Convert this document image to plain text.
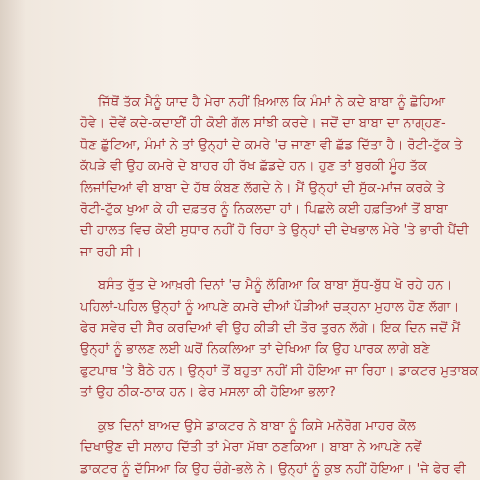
ਜਿੱਥੋਂ ਤੱਕ ਮੈਨੂੰ ਯਾਦ ਹੈ ਮੇਰਾ ਨਹੀਂ ਖ਼ਿਆਲ ਕਿ ਮੰਮਾਂ ਨੇ ਕਦੇ ਬਾਬਾ ਨੂੰ ਛੋਹਿਆ
ਹੋਵੇ। ਦੋਵੇਂ ਕਦੇ-ਕਦਾਈਂ ਹੀ ਕੋਈ ਗੱਲ ਸਾਂਝੀ ਕਰਦੇ। ਜਦੋਂ ਦਾ ਬਾਬਾ ਦਾ ਨਾਗ੍ਹਣ-
ਧੋਣ ਛੁੱਟਿਆ, ਮੰਮਾਂ ਨੇ ਤਾਂ ਉਨ੍ਹਾਂ ਦੇ ਕਮਰੇ 'ਚ ਜਾਣਾ ਵੀ ਛੱਡ ਦਿੱਤਾ ਹੈ। ਰੋਟੀ-ਟੁੱਕ ਤੇ
ਕੱਪੜੇ ਵੀ ਉਹ ਕਮਰੇ ਦੇ ਬਾਹਰ ਹੀ ਰੱਖ ਛੱਡਦੇ ਹਨ। ਹੁਣ ਤਾਂ ਬੁਰਕੀ ਮੂੰਹ ਤੱਕ
ਲਿਜਾਂਦਿਆਂ ਵੀ ਬਾਬਾ ਦੇ ਹੱਥ ਕੰਬਣ ਲੱਗਦੇ ਨੇ। ਮੈਂ ਉਨ੍ਹਾਂ ਦੀ ਸੁੱਕ-ਮਾਂਜ ਕਰਕੇ ਤੇ
ਰੋਟੀ-ਟੁੱਕ ਖੁਆ ਕੇ ਹੀ ਦਫ਼ਤਰ ਨੂੰ ਨਿਕਲਦਾ ਹਾਂ। ਪਿਛਲੇ ਕਈ ਹਫ਼ਤਿਆਂ ਤੋਂ ਬਾਬਾ
ਦੀ ਹਾਲਤ ਵਿਚ ਕੋਈ ਸੁਧਾਰ ਨਹੀਂ ਹੋ ਰਿਹਾ ਤੇ ਉਨ੍ਹਾਂ ਦੀ ਦੇਖਭਾਲ ਮੇਰੇ 'ਤੇ ਭਾਰੀ ਪੈਂਦੀ
ਜਾ ਰਹੀ ਸੀ।

ਬਸੰਤ ਰੁੱਤ ਦੇ ਆਖ਼ਰੀ ਦਿਨਾਂ 'ਚ ਮੈਨੂੰ ਲੱਗਿਆ ਕਿ ਬਾਬਾ ਸੁੱਧ-ਬੁੱਧ ਖੋ ਰਹੇ ਹਨ।
ਪਹਿਲਾਂ-ਪਹਿਲ ਉਨ੍ਹਾਂ ਨੂੰ ਆਪਣੇ ਕਮਰੇ ਦੀਆਂ ਪੌੜੀਆਂ ਚੜ੍ਹਨਾ ਮੁਹਾਲ ਹੋਣ ਲੱਗਾ।
ਫੇਰ ਸਵੇਰ ਦੀ ਸੈਰ ਕਰਦਿਆਂ ਵੀ ਉਹ ਕੀੜੀ ਦੀ ਤੋਰ ਤੁਰਨ ਲੱਗੇ। ਇਕ ਦਿਨ ਜਦੋਂ ਮੈਂ
ਉਨ੍ਹਾਂ ਨੂੰ ਭਾਲਣ ਲਈ ਘਰੋਂ ਨਿਕਲਿਆ ਤਾਂ ਦੇਖਿਆ ਕਿ ਉਹ ਪਾਰਕ ਲਾਗੇ ਬਣੇ
ਫੁਟਪਾਥ 'ਤੇ ਬੈਠੇ ਹਨ। ਉਨ੍ਹਾਂ ਤੋਂ ਬਹੁਤਾ ਨਹੀਂ ਸੀ ਹੋਇਆ ਜਾ ਰਿਹਾ। ਡਾਕਟਰ ਮੁਤਾਬਕ
ਤਾਂ ਉਹ ਠੀਕ-ਠਾਕ ਹਨ। ਫੇਰ ਮਸਲਾ ਕੀ ਹੋਇਆ ਭਲਾ?

ਕੁਝ ਦਿਨਾਂ ਬਾਅਦ ਉਸੇ ਡਾਕਟਰ ਨੇ ਬਾਬਾ ਨੂੰ ਕਿਸੇ ਮਨੋਰੋਗ ਮਾਹਰ ਕੋਲ
ਦਿਖਾਉਣ ਦੀ ਸਲਾਹ ਦਿੱਤੀ ਤਾਂ ਮੇਰਾ ਮੱਥਾ ਠਣਕਿਆ। ਬਾਬਾ ਨੇ ਆਪਣੇ ਨਵੇਂ
ਡਾਕਟਰ ਨੂੰ ਦੱਸਿਆ ਕਿ ਉਹ ਚੰਗੇ-ਭਲੇ ਨੇ। ਉਨ੍ਹਾਂ ਨੂੰ ਕੁਝ ਨਹੀਂ ਹੋਇਆ। 'ਜੇ ਫੇਰ ਵੀ
